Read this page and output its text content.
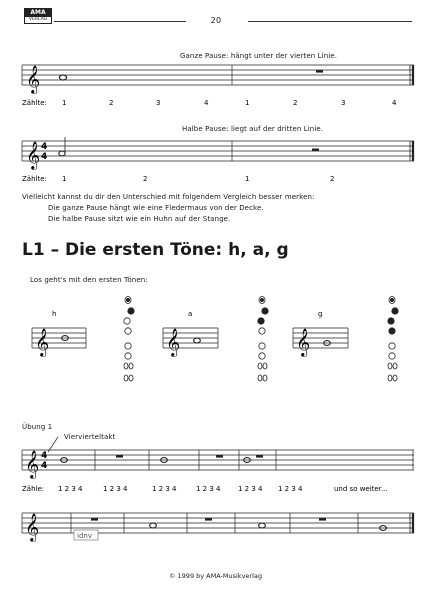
AMA
VERLAG	20
Ganze Pause: hängt unter der vierten Linie.
Halbe Pause: liegt auf der dritten Linie.
Vielleicht kannst du dir den Unterschied mit folgendem Vergleich besser merken:
Die ganze Pause hängt wie eine Fledermaus von der Decke.
Die halbe Pause sitzt wie ein Huhn auf der Stange.
L1 – Die ersten Töne: h, a, g
Los geht's mit den ersten Tönen:
Übung 1
Viervierteltakt
© 1999 by AMA-Musikverlag
𝄞
Zählte: 1	2	3	4	1	2	3	4
𝄞 4
4
Zählte: 1	2	1	2
𝄞
h
𝄞
a
𝄞
g
𝄞 4
4
Zähle: 1 2 3 4	1 2 3 4	1 2 3 4	1 2 3 4	1 2 3 4 1 2 3 4	und so weiter...
𝄞	idnv
